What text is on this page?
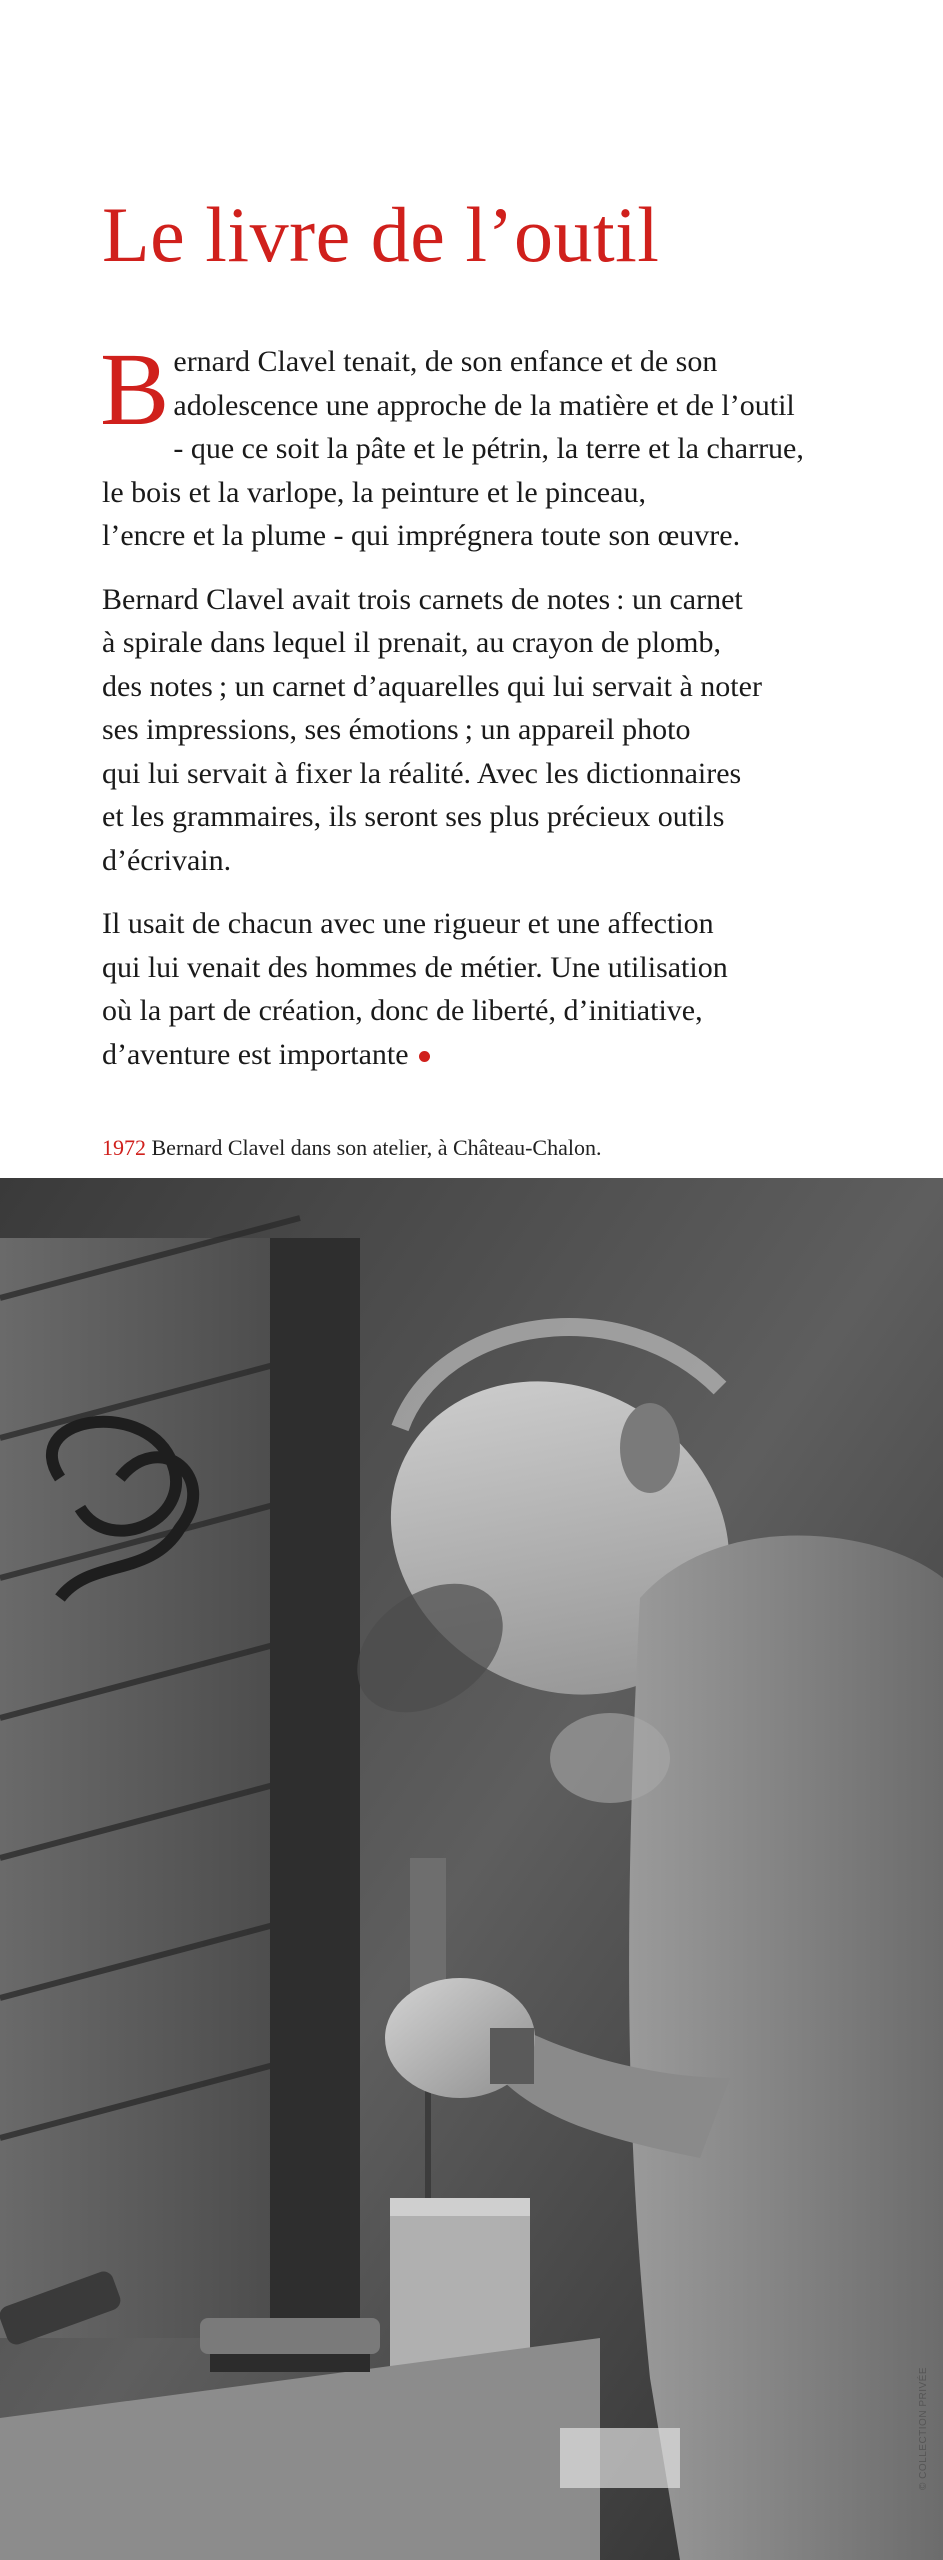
Le livre de l’outil

B ernard Clavel tenait, de son enfance et de son
adolescence une approche de la matière et de l’outil
- que ce soit la pâte et le pétrin, la terre et la charrue,
le bois et la varlope, la peinture et le pinceau,
l’encre et la plume - qui imprégnera toute son œuvre.

Bernard Clavel avait trois carnets de notes : un carnet
à spirale dans lequel il prenait, au crayon de plomb,
des notes ; un carnet d’aquarelles qui lui servait à noter
ses impressions, ses émotions ; un appareil photo
qui lui servait à fixer la réalité. Avec les dictionnaires
et les grammaires, ils seront ses plus précieux outils
d’écrivain.

Il usait de chacun avec une rigueur et une affection
qui lui venait des hommes de métier. Une utilisation
où la part de création, donc de liberté, d’initiative,
d’aventure est importante

1972 Bernard Clavel dans son atelier, à Château-Chalon.
© COLLECTION PRIVÉE
